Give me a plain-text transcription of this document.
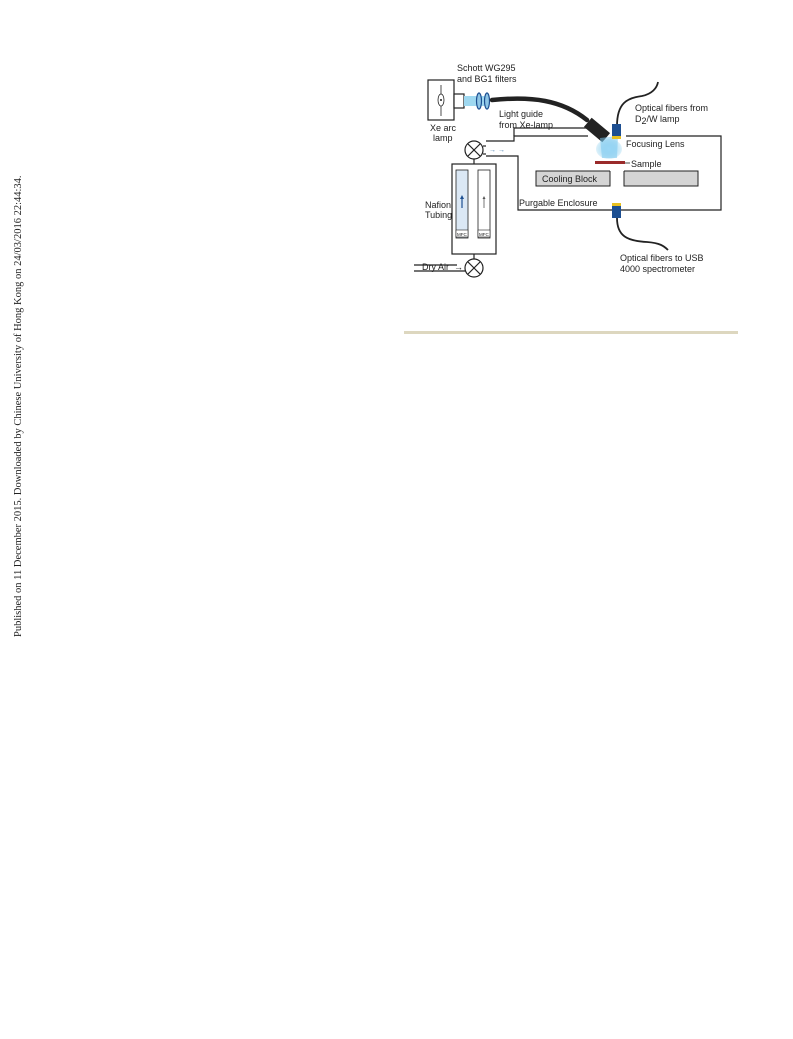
Published on 11 December 2015. Downloaded by Chinese University of Hong Kong on 24/03/2016 22:44:34.
Schott WG295
and BG1 filters
Xe arc
lamp
Light guide
from Xe-lamp
Optical fibers from
D2/W lamp
Focusing Lens
Sample
Cooling Block
Purgable Enclosure
Optical fibers to USB
4000 spectrometer
→ →
MFC	MFC
Nafion
Tubing
Dry Air →
